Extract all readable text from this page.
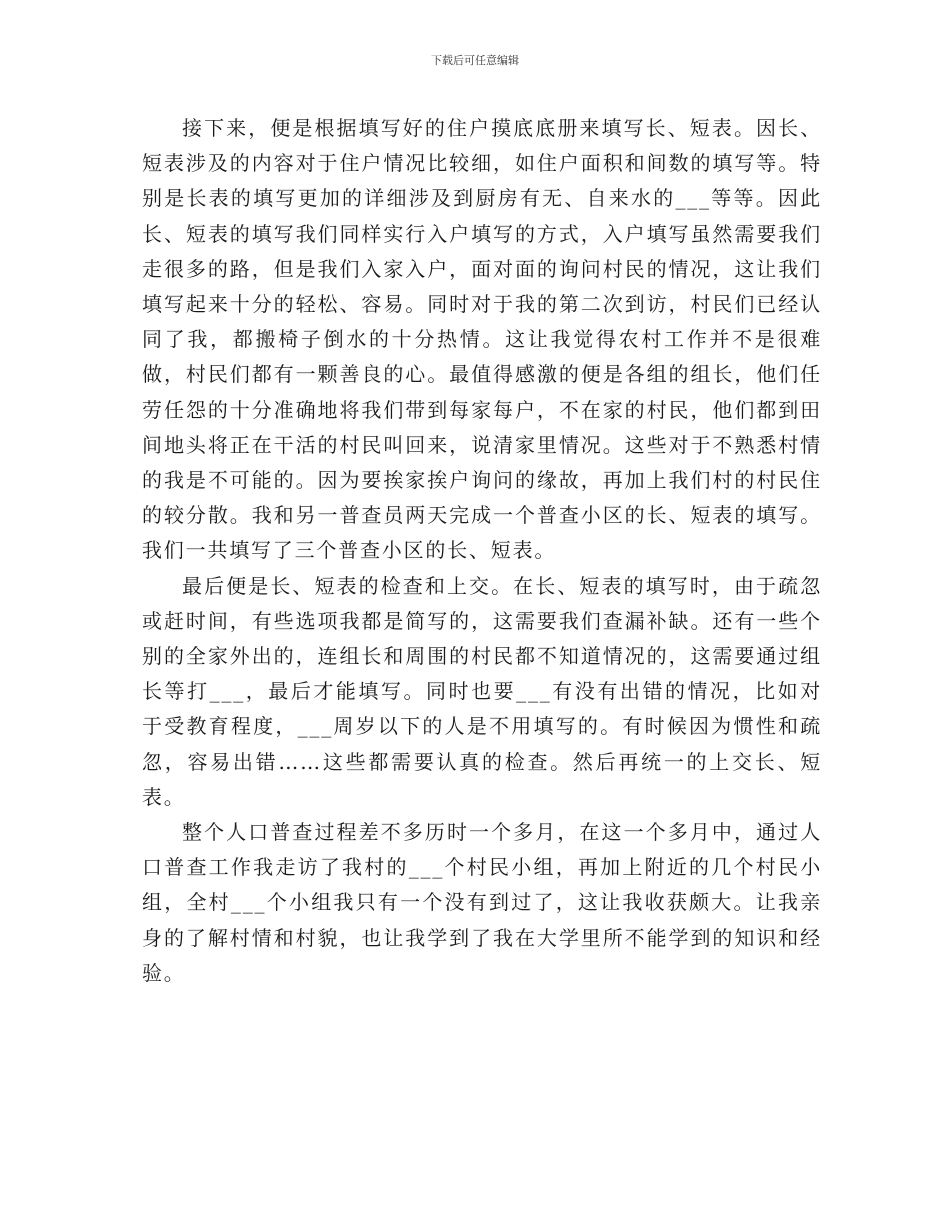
下载后可任意编辑

接下来，便是根据填写好的住户摸底底册来填写长、短表。因长、短表涉及的内容对于住户情况比较细，如住户面积和间数的填写等。特别是长表的填写更加的详细涉及到厨房有无、自来水的___等等。因此长、短表的填写我们同样实行入户填写的方式，入户填写虽然需要我们走很多的路，但是我们入家入户，面对面的询问村民的情况，这让我们填写起来十分的轻松、容易。同时对于我的第二次到访，村民们已经认同了我，都搬椅子倒水的十分热情。这让我觉得农村工作并不是很难做，村民们都有一颗善良的心。最值得感激的便是各组的组长，他们任劳任怨的十分准确地将我们带到每家每户，不在家的村民，他们都到田间地头将正在干活的村民叫回来，说清家里情况。这些对于不熟悉村情的我是不可能的。因为要挨家挨户询问的缘故，再加上我们村的村民住的较分散。我和另一普查员两天完成一个普查小区的长、短表的填写。我们一共填写了三个普查小区的长、短表。

最后便是长、短表的检查和上交。在长、短表的填写时，由于疏忽或赶时间，有些选项我都是简写的，这需要我们查漏补缺。还有一些个别的全家外出的，连组长和周围的村民都不知道情况的，这需要通过组长等打___，最后才能填写。同时也要___有没有出错的情况，比如对于受教育程度，___周岁以下的人是不用填写的。有时候因为惯性和疏忽，容易出错……这些都需要认真的检查。然后再统一的上交长、短表。

整个人口普查过程差不多历时一个多月，在这一个多月中，通过人口普查工作我走访了我村的___个村民小组，再加上附近的几个村民小组，全村___个小组我只有一个没有到过了，这让我收获颇大。让我亲身的了解村情和村貌，也让我学到了我在大学里所不能学到的知识和经验。
